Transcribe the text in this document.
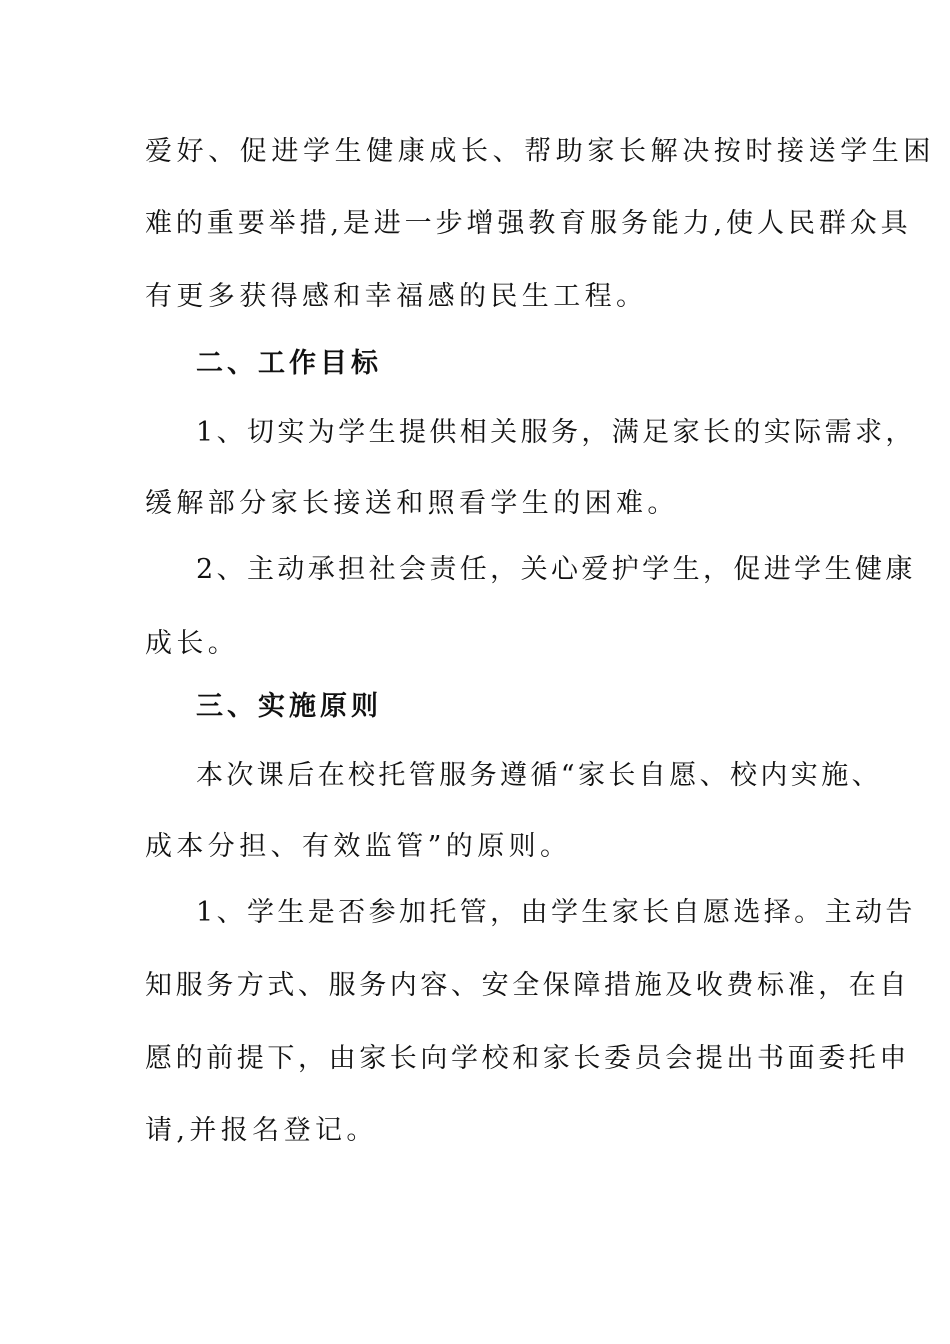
爱好、促进学生健康成长、帮助家长解决按时接送学生困
难的重要举措,是进一步增强教育服务能力,使人民群众具
有更多获得感和幸福感的民生工程。
二、工作目标
1、切实为学生提供相关服务，满足家长的实际需求，
缓解部分家长接送和照看学生的困难。
2、主动承担社会责任，关心爱护学生，促进学生健康
成长。
三、实施原则
本次课后在校托管服务遵循“家长自愿、校内实施、
成本分担、有效监管”的原则。
1、学生是否参加托管，由学生家长自愿选择。主动告
知服务方式、服务内容、安全保障措施及收费标准，在自
愿的前提下，由家长向学校和家长委员会提出书面委托申
请,并报名登记。
